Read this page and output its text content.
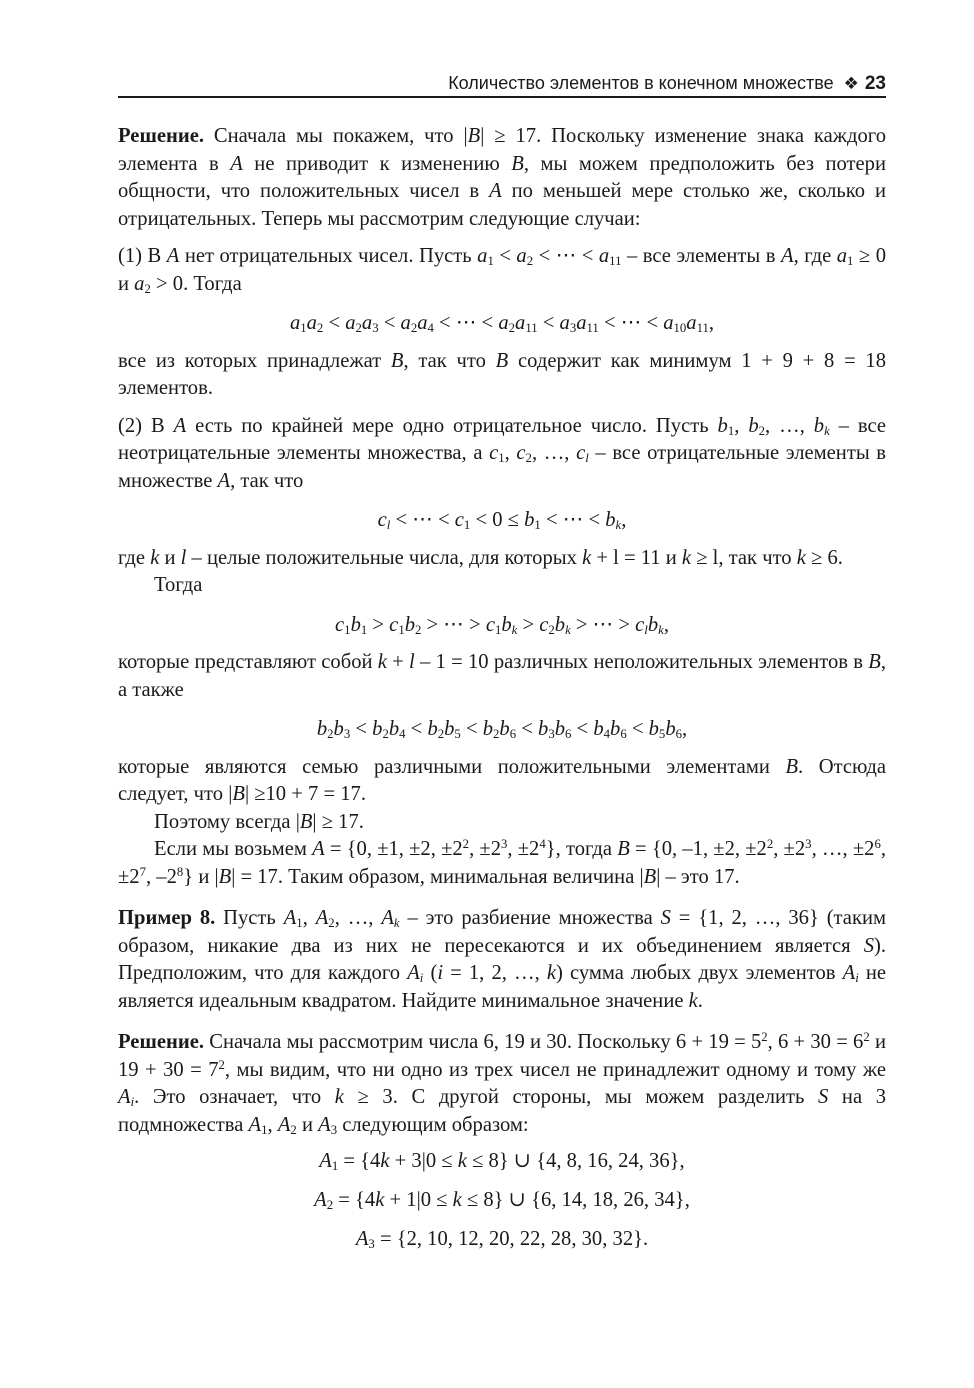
Количество элементов в конечном множестве ❖ 23
Решение. Сначала мы покажем, что |B| ≥ 17. Поскольку изменение знака каждого элемента в A не приводит к изменению B, мы можем предположить без потери общности, что положительных чисел в A по меньшей мере столько же, сколько и отрицательных. Теперь мы рассмотрим следующие случаи:
(1) В A нет отрицательных чисел. Пусть $a_1 < a_2$ < ⋯ < $a_{11}$ – все элементы в A, где $a_1 \ge 0$ и $a_2 > 0$. Тогда
$a_1a_2 < a_2a_3 < a_2a_4$ < ⋯ < $a_2a_{11} < a_3a_{11}$ < ⋯ < $a_{10}a_{11}$,
все из которых принадлежат B, так что B содержит как минимум 1 + 9 + 8 = 18 элементов.
(2) В A есть по крайней мере одно отрицательное число. Пусть $b_1$, $b_2$, …, $b_k$ – все неотрицательные элементы множества, а $c_1$, $c_2$, …, $c_l$ – все отрицательные элементы в множестве A, так что
$c_l$ < ⋯ < $c_1 < 0 \le b_1$ < ⋯ < $b_k$,
где k и l – целые положительные числа, для которых k + l = 11 и k ≥ l, так что k ≥ 6.
Тогда
$c_1b_1 > c_1b_2$ > ⋯ > $c_1b_k > c_2b_k$ > ⋯ > $c_lb_k$,
которые представляют собой k + l – 1 = 10 различных неположительных элементов в B, а также
$b_2b_3 < b_2b_4 < b_2b_5 < b_2b_6 < b_3b_6 < b_4b_6 < b_5b_6$,
которые являются семью различными положительными элементами B. Отсюда следует, что |B| ≥10 + 7 = 17.
Поэтому всегда |B| ≥ 17.
Если мы возьмем A = {0, ±1, ±2, $\pm 2^2$, $\pm 2^3$, $\pm 2^4$}, тогда B = {0, –1, ±2, $\pm 2^2$, $\pm 2^3$, …, $\pm 2^6$, $\pm 2^7$, $-2^8$} и |B| = 17. Таким образом, минимальная величина |B| – это 17.
Пример 8. Пусть $A_1$, $A_2$, …, $A_k$ – это разбиение множества S = {1, 2, …, 36} (таким образом, никакие два из них не пересекаются и их объединением является S). Предположим, что для каждого $A_i$ (i = 1, 2, …, k) сумма любых двух элементов $A_i$ не является идеальным квадратом. Найдите минимальное значение k.
Решение. Сначала мы рассмотрим числа 6, 19 и 30. Поскольку $6 + 19 = 5^2$, $6 + 30 = 6^2$ и $19 + 30 = 7^2$, мы видим, что ни одно из трех чисел не принадлежит одному и тому же $A_i$. Это означает, что k ≥ 3. С другой стороны, мы можем разделить S на 3 подмножества $A_1$, $A_2$ и $A_3$ следующим образом:
$A_1 = \{4k + 3|0 \le k \le 8\}$ ∪ {4, 8, 16, 24, 36},
$A_2 = \{4k + 1|0 \le k \le 8\}$ ∪ {6, 14, 18, 26, 34},
$A_3 = \{2$, 10, 12, 20, 22, 28, 30, 32}.
